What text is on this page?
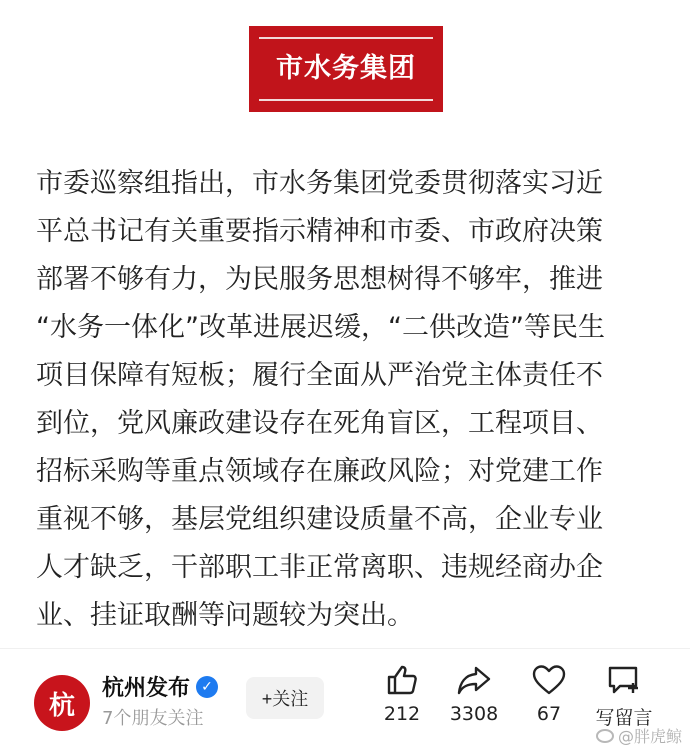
市水务集团

市委巡察组指出，市水务集团党委贯彻落实习近

平总书记有关重要指示精神和市委、市政府决策

部署不够有力，为民服务思想树得不够牢，推进

“水务一体化”改革进展迟缓，“二供改造”等民生

项目保障有短板；履行全面从严治党主体责任不

到位，党风廉政建设存在死角盲区，工程项目、

招标采购等重点领域存在廉政风险；对党建工作

重视不够，基层党组织建设质量不高，企业专业

人才缺乏，干部职工非正常离职、违规经商办企

业、挂证取酬等问题较为突出。

杭
杭州发布 ✓
7个朋友关注
+关注
212	3308	67	写留言
@胖虎鲸
